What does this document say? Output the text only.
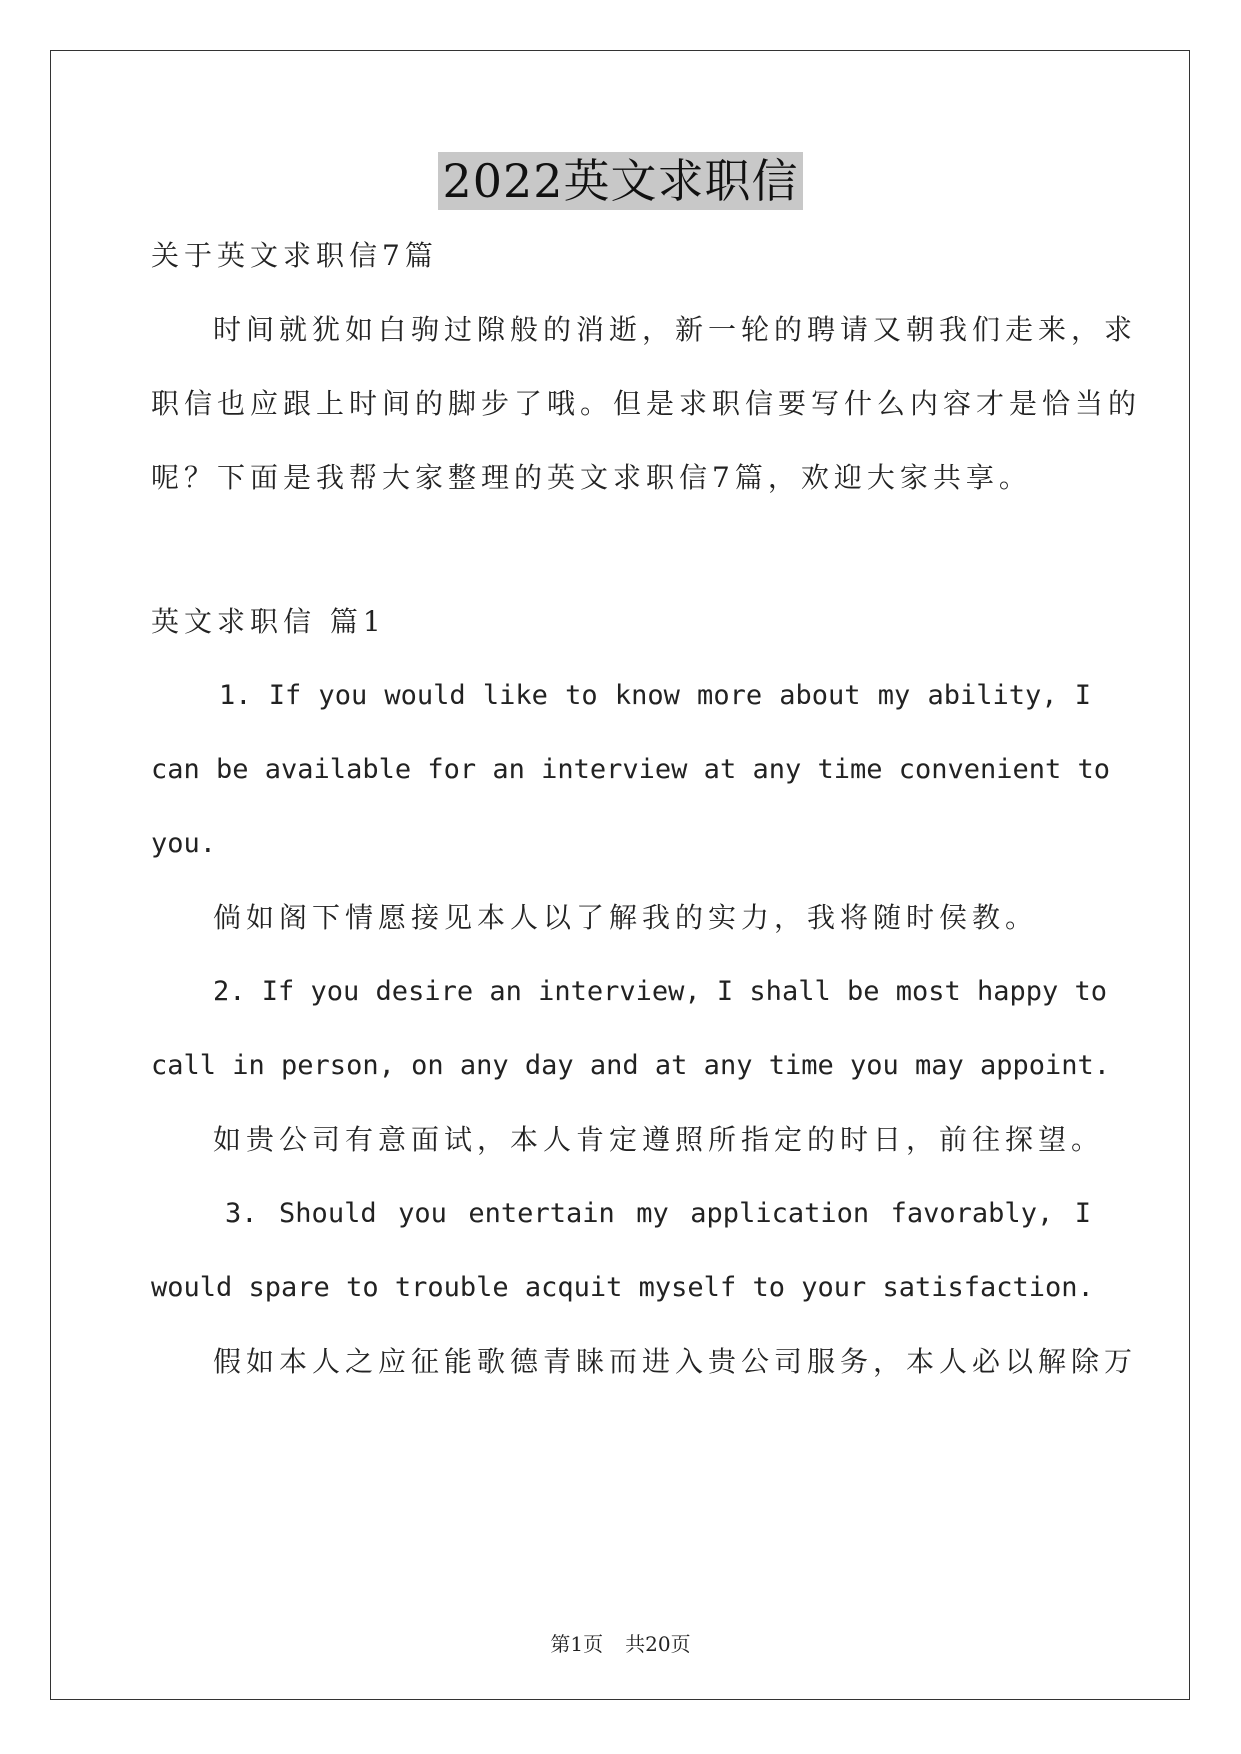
2022英文求职信
关于英文求职信7篇
时间就犹如白驹过隙般的消逝，新一轮的聘请又朝我们走来，求
职信也应跟上时间的脚步了哦。但是求职信要写什么内容才是恰当的
呢？下面是我帮大家整理的英文求职信7篇，欢迎大家共享。
英文求职信 篇1
1. If you would like to know more about my ability, I
can be available for an interview at any time convenient to
you.
倘如阁下情愿接见本人以了解我的实力，我将随时侯教。
2. If you desire an interview, I shall be most happy to
call in person, on any day and at any time you may appoint.
如贵公司有意面试，本人肯定遵照所指定的时日，前往探望。
3. Should you entertain my application favorably, I
would spare to trouble acquit myself to your satisfaction.
假如本人之应征能歌德青睐而进入贵公司服务，本人必以解除万
第1页 共20页
